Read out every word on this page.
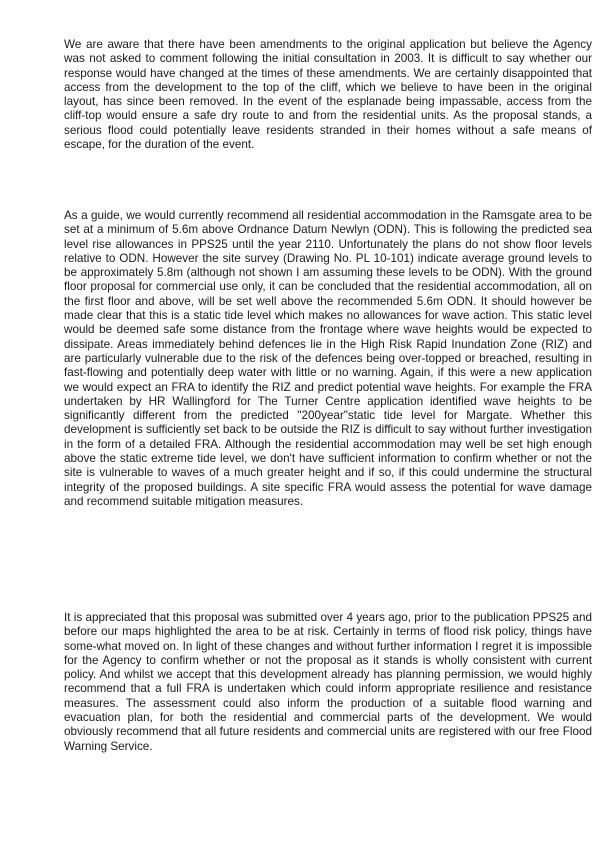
We are aware that there have been amendments to the original application but believe the Agency was not asked to comment following the initial consultation in 2003. It is difficult to say whether our response would have changed at the times of these amendments. We are certainly disappointed that access from the development to the top of the cliff, which we believe to have been in the original layout, has since been removed. In the event of the esplanade being impassable, access from the cliff-top would ensure a safe dry route to and from the residential units. As the proposal stands, a serious flood could potentially leave residents stranded in their homes without a safe means of escape, for the duration of the event.

As a guide, we would currently recommend all residential accommodation in the Ramsgate area to be set at a minimum of 5.6m above Ordnance Datum Newlyn (ODN). This is following the predicted sea level rise allowances in PPS25 until the year 2110. Unfortunately the plans do not show floor levels relative to ODN. However the site survey (Drawing No. PL 10-101) indicate average ground levels to be approximately 5.8m (although not shown I am assuming these levels to be ODN). With the ground floor proposal for commercial use only, it can be concluded that the residential accommodation, all on the first floor and above, will be set well above the recommended 5.6m ODN. It should however be made clear that this is a static tide level which makes no allowances for wave action. This static level would be deemed safe some distance from the frontage where wave heights would be expected to dissipate. Areas immediately behind defences lie in the High Risk Rapid Inundation Zone (RIZ) and are particularly vulnerable due to the risk of the defences being over-topped or breached, resulting in fast-flowing and potentially deep water with little or no warning. Again, if this were a new application we would expect an FRA to identify the RIZ and predict potential wave heights. For example the FRA undertaken by HR Wallingford for The Turner Centre application identified wave heights to be significantly different from the predicted "200year"static tide level for Margate. Whether this development is sufficiently set back to be outside the RIZ is difficult to say without further investigation in the form of a detailed FRA. Although the residential accommodation may well be set high enough above the static extreme tide level, we don't have sufficient information to confirm whether or not the site is vulnerable to waves of a much greater height and if so, if this could undermine the structural integrity of the proposed buildings. A site specific FRA would assess the potential for wave damage and recommend suitable mitigation measures.

It is appreciated that this proposal was submitted over 4 years ago, prior to the publication PPS25 and before our maps highlighted the area to be at risk. Certainly in terms of flood risk policy, things have some-what moved on. In light of these changes and without further information I regret it is impossible for the Agency to confirm whether or not the proposal as it stands is wholly consistent with current policy. And whilst we accept that this development already has planning permission, we would highly recommend that a full FRA is undertaken which could inform appropriate resilience and resistance measures. The assessment could also inform the production of a suitable flood warning and evacuation plan, for both the residential and commercial parts of the development. We would obviously recommend that all future residents and commercial units are registered with our free Flood Warning Service.
